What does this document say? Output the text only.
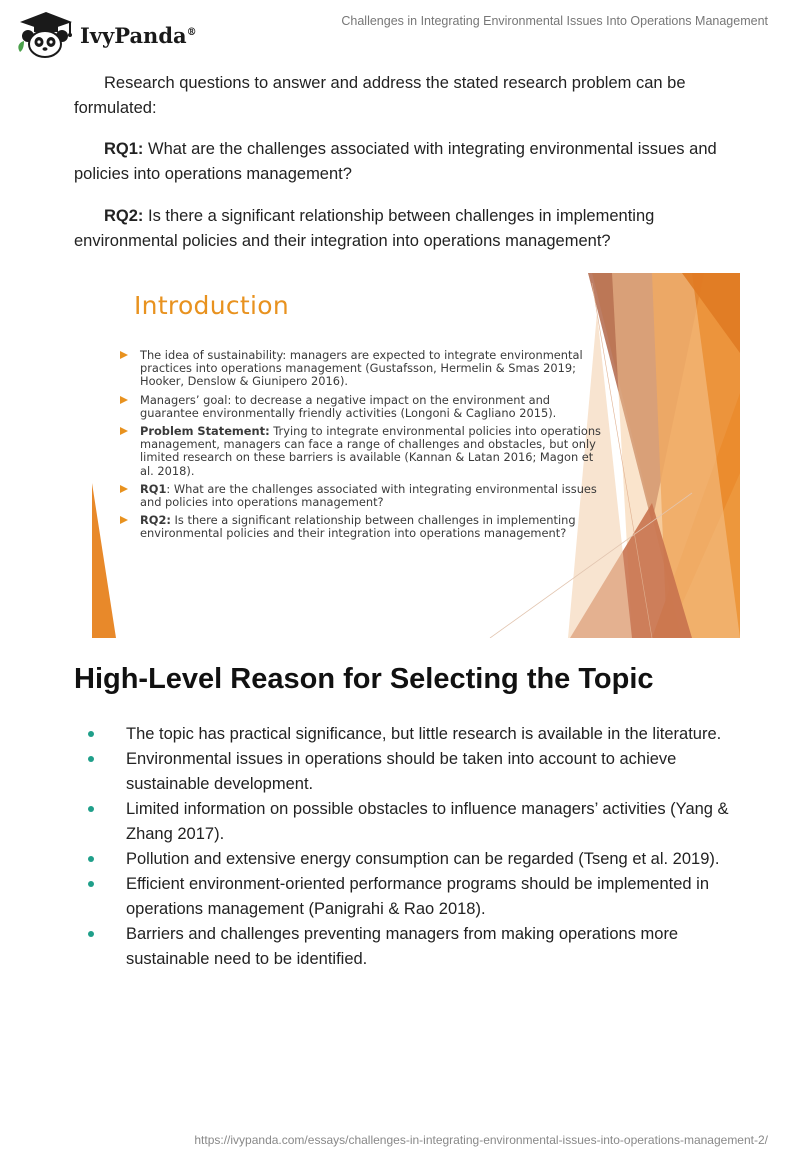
IvyPanda®
Challenges in Integrating Environmental Issues Into Operations Management

Research questions to answer and address the stated research problem can be formulated:

RQ1: What are the challenges associated with integrating environmental issues and policies into operations management?

RQ2: Is there a significant relationship between challenges in implementing environmental policies and their integration into operations management?

Introduction
The idea of sustainability: managers are expected to integrate environmental practices into operations management (Gustafsson, Hermelin & Smas 2019; Hooker, Denslow & Giunipero 2016).
Managers’ goal: to decrease a negative impact on the environment and guarantee environmentally friendly activities (Longoni & Cagliano 2015).
Problem Statement: Trying to integrate environmental policies into operations management, managers can face a range of challenges and obstacles, but only limited research on these barriers is available (Kannan & Latan 2016; Magon et al. 2018).
RQ1: What are the challenges associated with integrating environmental issues and policies into operations management?
RQ2: Is there a significant relationship between challenges in implementing environmental policies and their integration into operations management?
High-Level Reason for Selecting the Topic
The topic has practical significance, but little research is available in the literature.
Environmental issues in operations should be taken into account to achieve sustainable development.
Limited information on possible obstacles to influence managers’ activities (Yang & Zhang 2017).
Pollution and extensive energy consumption can be regarded (Tseng et al. 2019).
Efficient environment-oriented performance programs should be implemented in operations management (Panigrahi & Rao 2018).
Barriers and challenges preventing managers from making operations more sustainable need to be identified.
https://ivypanda.com/essays/challenges-in-integrating-environmental-issues-into-operations-management-2/
